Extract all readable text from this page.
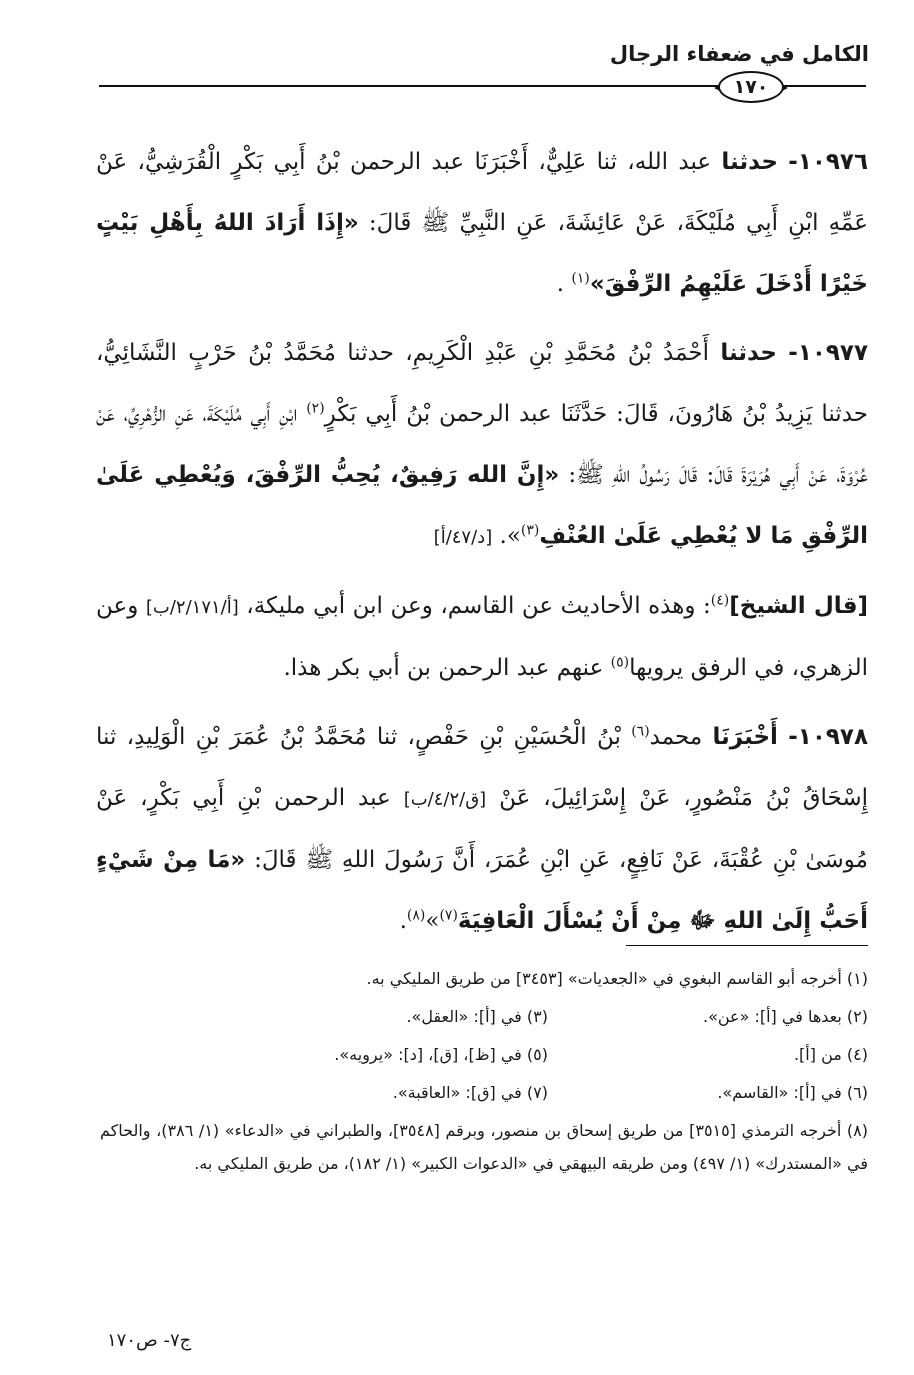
الكامل في ضعفاء الرجال
١٧٠

١٠٩٧٦- حدثنا عبد الله، ثنا عَلِيٌّ، أَخْبَرَنَا عبد الرحمن بْنُ أَبِي بَكْرٍ الْقُرَشِيُّ، عَنْ عَمِّهِ ابْنِ أَبِي مُلَيْكَةَ، عَنْ عَائِشَةَ، عَنِ النَّبِيِّ ﷺ قَالَ: «إِذَا أَرَادَ اللهُ بِأَهْلِ بَيْتٍ خَيْرًا أَدْخَلَ عَلَيْهِمُ الرِّفْقَ»$^{(١)}$ .

١٠٩٧٧- حدثنا أَحْمَدُ بْنُ مُحَمَّدِ بْنِ عَبْدِ الْكَرِيمِ، حدثنا مُحَمَّدُ بْنُ حَرْبٍ النَّشَائِيُّ، حدثنا يَزِيدُ بْنُ هَارُونَ، قَالَ: حَدَّثَنَا عبد الرحمن بْنُ أَبِي بَكْرٍ$^{(٢)}$ ابْنِ أَبِي مُلَيْكَةَ، عَنِ الزُّهْرِيِّ، عَنْ عُرْوَةَ، عَنْ أَبِي هُرَيْرَةَ قَالَ: قَالَ رَسُولُ اللهِ ﷺ: «إِنَّ الله رَفِيقٌ، يُحِبُّ الرِّفْقَ، وَيُعْطِي عَلَىٰ الرِّفْقِ مَا لا يُعْطِي عَلَىٰ العُنْفِ$^{(٣)}$». [د/٤٧/أ]

[قال الشيخ]$^{(٤)}$: وهذه الأحاديث عن القاسم، وعن ابن أبي مليكة، [أ/٢/١٧١/ب] وعن الزهري، في الرفق يرويها$^{(٥)}$ عنهم عبد الرحمن بن أبي بكر هذا.

١٠٩٧٨- أَخْبَرَنَا محمد$^{(٦)}$ بْنُ الْحُسَيْنِ بْنِ حَفْصٍ، ثنا مُحَمَّدُ بْنُ عُمَرَ بْنِ الْوَلِيدِ، ثنا إِسْحَاقُ بْنُ مَنْصُورٍ، عَنْ إِسْرَائِيلَ، عَنْ [ق/٤/٢/ب] عبد الرحمن بْنِ أَبِي بَكْرٍ، عَنْ مُوسَىٰ بْنِ عُقْبَةَ، عَنْ نَافِعٍ، عَنِ ابْنِ عُمَرَ، أَنَّ رَسُولَ اللهِ ﷺ قَالَ: «مَا مِنْ شَيْءٍ أَحَبُّ إِلَىٰ اللهِ ﷻ مِنْ أَنْ يُسْأَلَ الْعَافِيَةَ$^{(٧)}$»$^{(٨)}$.

(١) أخرجه أبو القاسم البغوي في «الجعديات» [٣٤٥٣] من طريق المليكي به.

(٢) بعدها في [أ]: «عن».
(٣) في [أ]: «العقل».
(٤) من [أ].
(٥) في [ظ]، [ق]، [د]: «يرويه».
(٦) في [أ]: «القاسم».
(٧) في [ق]: «العاقبة».

(٨) أخرجه الترمذي [٣٥١٥] من طريق إسحاق بن منصور، وبرقم [٣٥٤٨]، والطبراني في «الدعاء» (١/ ٣٨٦)، والحاكم في «المستدرك» (١/ ٤٩٧) ومن طريقه البيهقي في «الدعوات الكبير» (١/ ١٨٢)، من طريق المليكي به.

ج٧- ص١٧٠
